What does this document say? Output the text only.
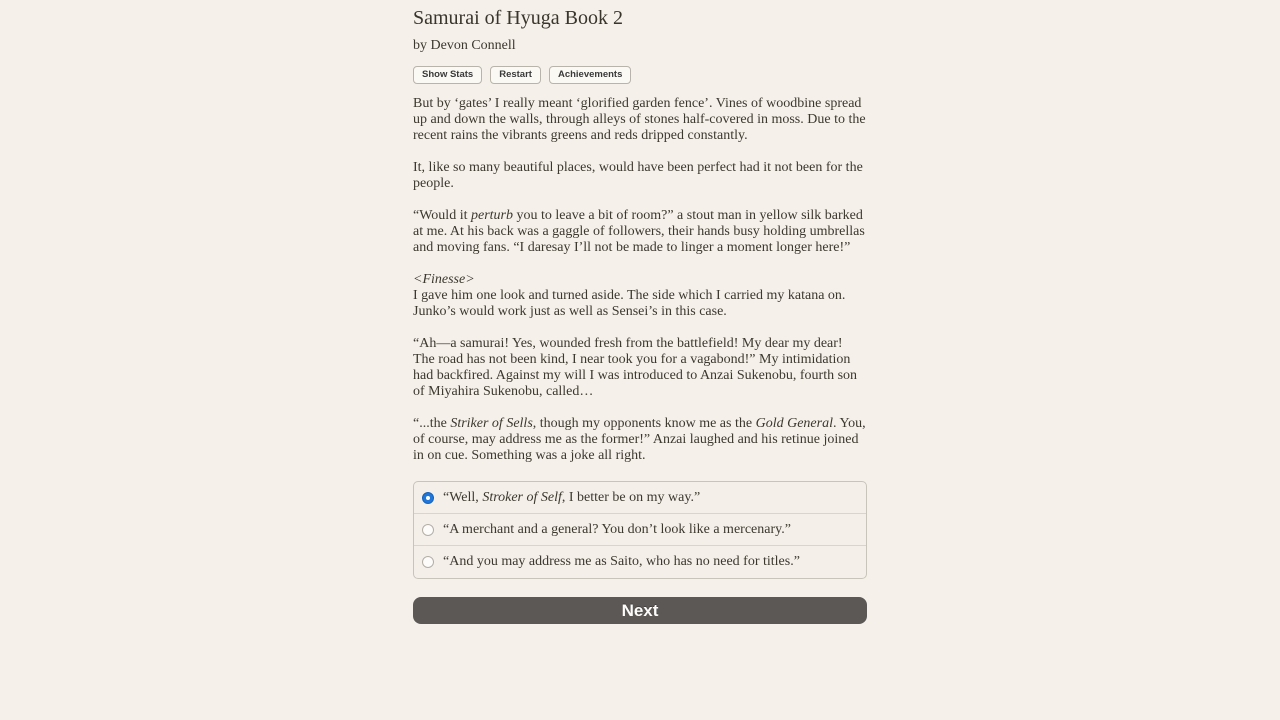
Samurai of Hyuga Book 2
by Devon Connell
Show Stats	Restart	Achievements

But by ‘gates’ I really meant ‘glorified garden fence’. Vines of woodbine spread up and down the walls, through alleys of stones half-covered in moss. Due to the recent rains the vibrants greens and reds dripped constantly.

It, like so many beautiful places, would have been perfect had it not been for the people.

“Would it perturb you to leave a bit of room?” a stout man in yellow silk barked at me. At his back was a gaggle of followers, their hands busy holding umbrellas and moving fans. “I daresay I’ll not be made to linger a moment longer here!”

<Finesse>
I gave him one look and turned aside. The side which I carried my katana on. Junko’s would work just as well as Sensei’s in this case.

“Ah—a samurai! Yes, wounded fresh from the battlefield! My dear my dear! The road has not been kind, I near took you for a vagabond!” My intimidation had backfired. Against my will I was introduced to Anzai Sukenobu, fourth son of Miyahira Sukenobu, called…

“...the Striker of Sells, though my opponents know me as the Gold General. You, of course, may address me as the former!” Anzai laughed and his retinue joined in on cue. Something was a joke all right.

“Well, Stroker of Self, I better be on my way.”
“A merchant and a general? You don’t look like a mercenary.”
“And you may address me as Saito, who has no need for titles.”
Next
